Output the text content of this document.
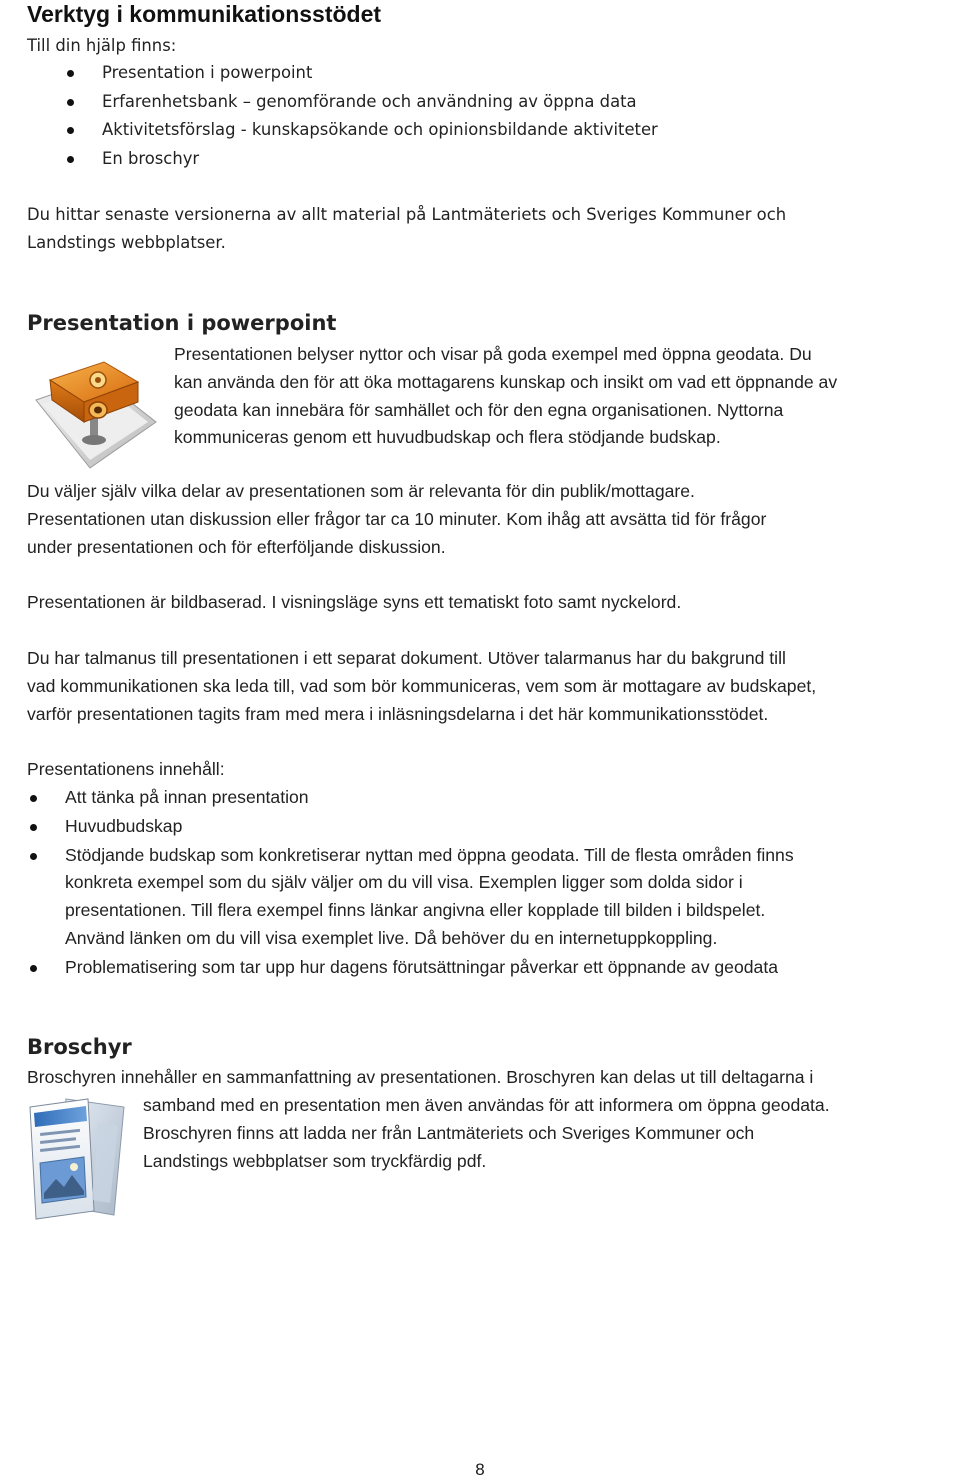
Verktyg i kommunikationsstödet
Till din hjälp finns:
Presentation i powerpoint
Erfarenhetsbank – genomförande och användning av öppna data
Aktivitetsförslag - kunskapsökande och opinionsbildande aktiviteter
En broschyr
Du hittar senaste versionerna av allt material på Lantmäteriets och Sveriges Kommuner och
Landstings webbplatser.
Presentation i powerpoint
Presentationen belyser nyttor och visar på goda exempel med öppna geodata. Du
kan använda den för att öka mottagarens kunskap och insikt om vad ett öppnande av
geodata kan innebära för samhället och för den egna organisationen. Nyttorna
kommuniceras genom ett huvudbudskap och flera stödjande budskap.
Du väljer själv vilka delar av presentationen som är relevanta för din publik/mottagare.
Presentationen utan diskussion eller frågor tar ca 10 minuter. Kom ihåg att avsätta tid för frågor
under presentationen och för efterföljande diskussion.
Presentationen är bildbaserad. I visningsläge syns ett tematiskt foto samt nyckelord.
Du har talmanus till presentationen i ett separat dokument. Utöver talarmanus har du bakgrund till
vad kommunikationen ska leda till, vad som bör kommuniceras, vem som är mottagare av budskapet,
varför presentationen tagits fram med mera i inläsningsdelarna i det här kommunikationsstödet.
Presentationens innehåll:
Att tänka på innan presentation
Huvudbudskap
Stödjande budskap som konkretiserar nyttan med öppna geodata. Till de flesta områden finns
konkreta exempel som du själv väljer om du vill visa. Exemplen ligger som dolda sidor i
presentationen. Till flera exempel finns länkar angivna eller kopplade till bilden i bildspelet.
Använd länken om du vill visa exemplet live. Då behöver du en internetuppkoppling.
Problematisering som tar upp hur dagens förutsättningar påverkar ett öppnande av geodata
Broschyr
Broschyren innehåller en sammanfattning av presentationen. Broschyren kan delas ut till deltagarna i
samband med en presentation men även användas för att informera om öppna geodata.
Broschyren finns att ladda ner från Lantmäteriets och Sveriges Kommuner och
Landstings webbplatser som tryckfärdig pdf.
8
